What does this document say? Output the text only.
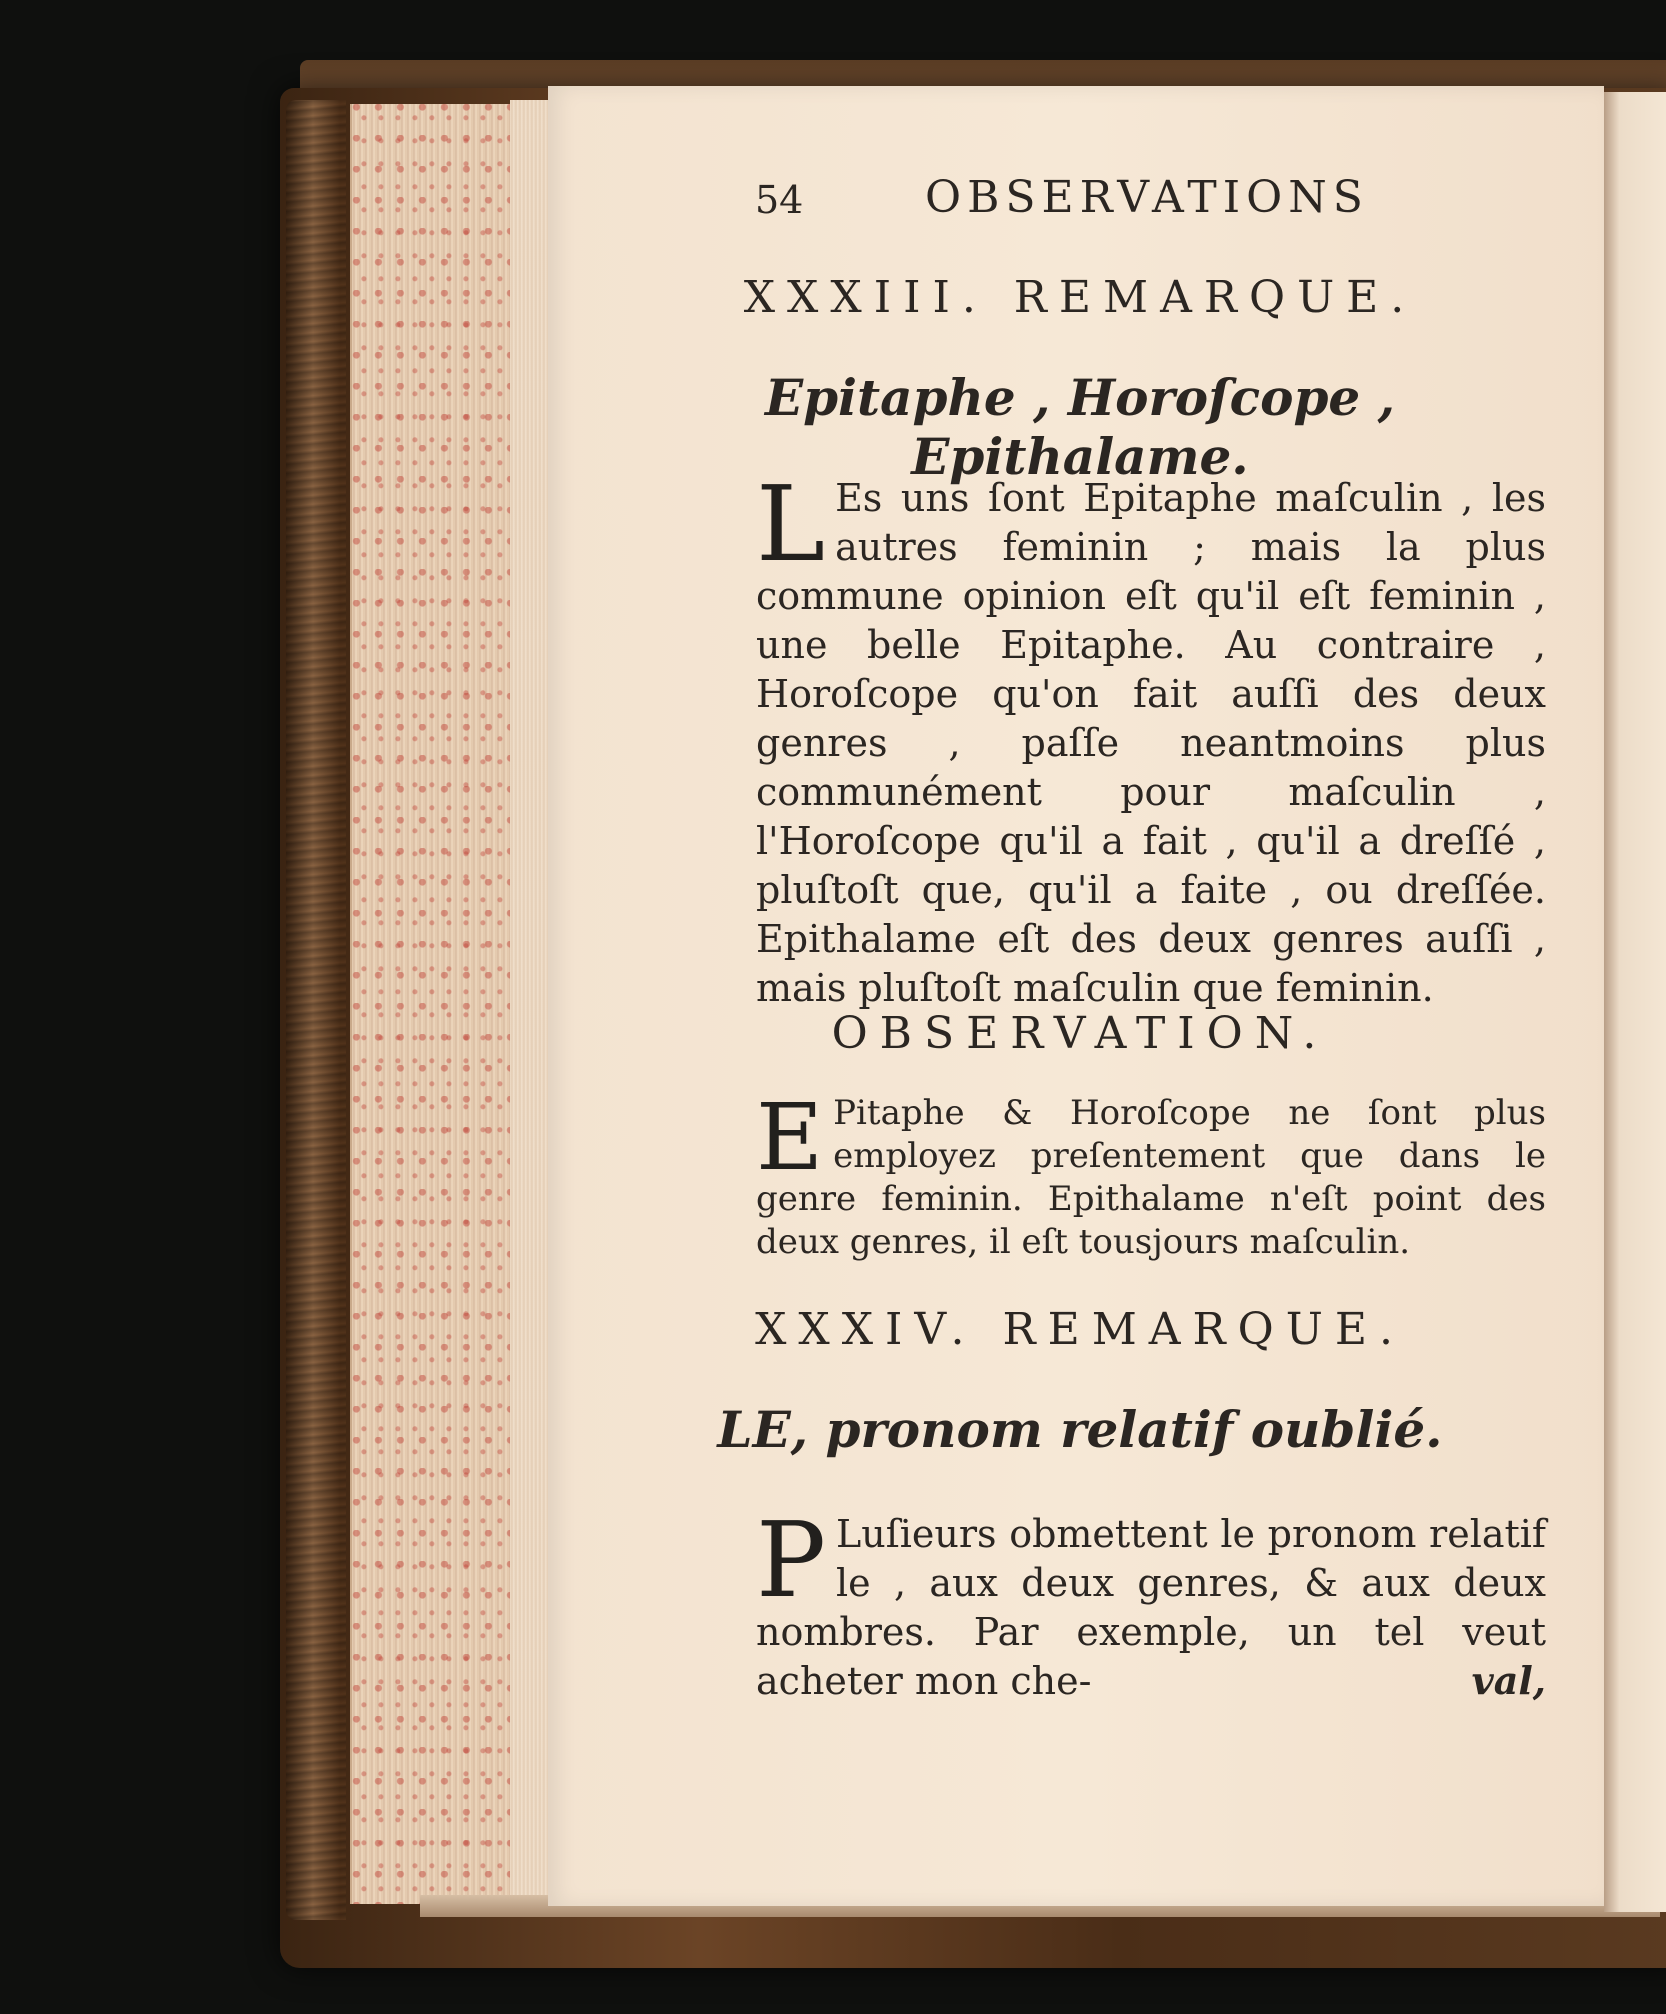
54	OBSERVATIONS
XXXIII. REMARQUE.
Epitaphe , Horoſcope , Epithalame.
L Es uns ſont Epitaphe maſculin , les autres feminin ; mais la plus commune opinion eſt qu'il eſt feminin , une belle Epitaphe. Au contraire , Horoſcope qu'on fait auſſi des deux genres , paſſe neantmoins plus communément pour maſculin , l'Horoſcope qu'il a fait , qu'il a dreſſé , pluſtoſt que, qu'il a faite , ou dreſſée. Epithalame eſt des deux genres auſſi , mais pluſtoſt maſculin que feminin.
OBSERVATION.
E Pitaphe & Horoſcope ne ſont plus employez preſentement que dans le genre feminin. Epithalame n'eſt point des deux genres, il eſt tousjours maſculin.
XXXIV. REMARQUE.
LE, pronom relatif oublié.
P Luſieurs obmettent le pronom relatif le , aux deux genres, & aux deux nombres. Par exemple, un tel veut acheter mon che-	val,
